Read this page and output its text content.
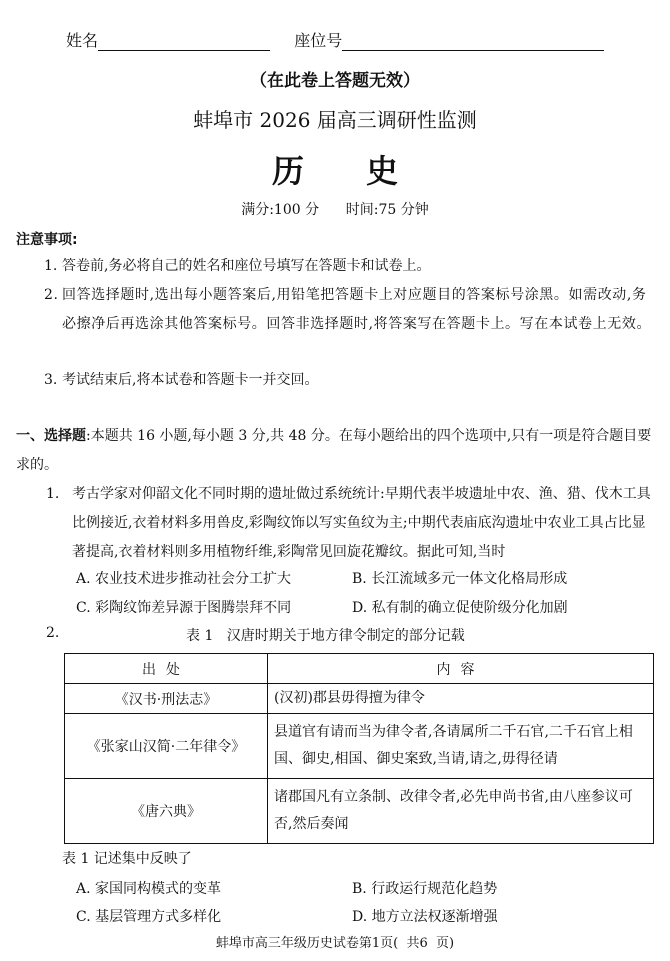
姓名	座位号
（在此卷上答题无效）
蚌埠市 2026 届高三调研性监测
历史
满分:100 分      时间:75 分钟
注意事项:
1. 答卷前,务必将自己的姓名和座位号填写在答题卡和试卷上。
2. 回答选择题时,选出每小题答案后,用铅笔把答题卡上对应题目的答案标号涂黑。如需改动,务必擦净后再选涂其他答案标号。回答非选择题时,将答案写在答题卡上。写在本试卷上无效。
3. 考试结束后,将本试卷和答题卡一并交回。
一、选择题:本题共 16 小题,每小题 3 分,共 48 分。在每小题给出的四个选项中,只有一项是符合题目要求的。
1. 考古学家对仰韶文化不同时期的遗址做过系统统计:早期代表半坡遗址中农、渔、猎、伐木工具比例接近,衣着材料多用兽皮,彩陶纹饰以写实鱼纹为主;中期代表庙底沟遗址中农业工具占比显著提高,衣着材料则多用植物纤维,彩陶常见回旋花瓣纹。据此可知,当时
A. 农业技术进步推动社会分工扩大	B. 长江流域多元一体文化格局形成
C. 彩陶纹饰差异源于图腾崇拜不同	D. 私有制的确立促使阶级分化加剧
2.	表 1   汉唐时期关于地方律令制定的部分记载
出处	内容
《汉书·刑法志》	(汉初)郡县毋得擅为律令
《张家山汉简·二年律令》	县道官有请而当为律令者,各请属所二千石官,二千石官上相国、御史,相国、御史案致,当请,请之,毋得径请
《唐六典》	诸郡国凡有立条制、改律令者,必先申尚书省,由八座参议可否,然后奏闻
表 1 记述集中反映了
A. 家国同构模式的变革	B. 行政运行规范化趋势
C. 基层管理方式多样化	D. 地方立法权逐渐增强
蚌埠市高三年级历史试卷第1页(  共6  页)
